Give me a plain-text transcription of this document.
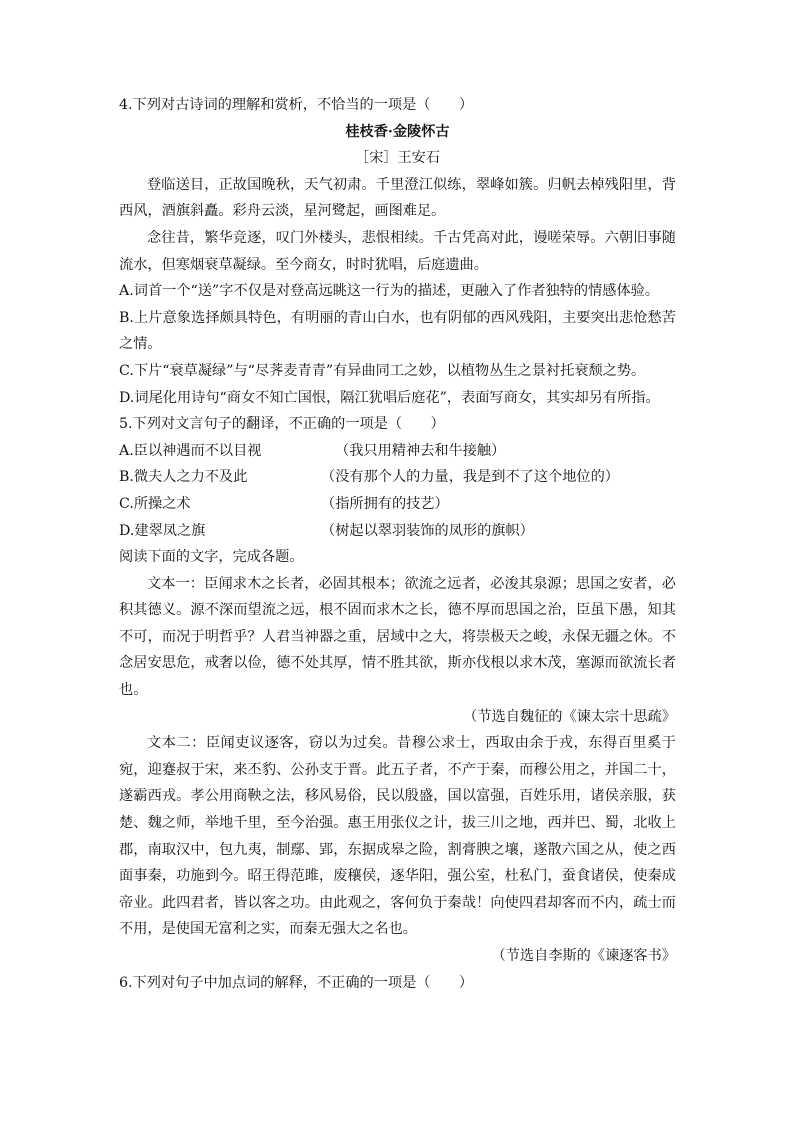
4.下列对古诗词的理解和赏析，不恰当的一项是（　　）
桂枝香·金陵怀古
［宋］王安石
登临送目，正故国晚秋，天气初肃。千里澄江似练，翠峰如簇。归帆去棹残阳里，背
西风，酒旗斜矗。彩舟云淡，星河鹭起，画图难足。
念往昔，繁华竞逐，叹门外楼头，悲恨相续。千古凭高对此，谩嗟荣辱。六朝旧事随
流水，但寒烟衰草凝绿。至今商女，时时犹唱，后庭遗曲。
A.词首一个“送”字不仅是对登高远眺这一行为的描述，更融入了作者独特的情感体验。
B.上片意象选择颇具特色，有明丽的青山白水，也有阴郁的西风残阳，主要突出悲怆愁苦
之情。
C.下片“衰草凝绿”与“尽荠麦青青”有异曲同工之妙，以植物丛生之景衬托衰颓之势。
D.词尾化用诗句“商女不知亡国恨，隔江犹唱后庭花”，表面写商女，其实却另有所指。
5.下列对文言句子的翻译，不正确的一项是（　　）
A.臣以神遇而不以目视	（我只用精神去和牛接触）
B.微夫人之力不及此	（没有那个人的力量，我是到不了这个地位的）
C.所操之术	（指所拥有的技艺）
D.建翠凤之旗	（树起以翠羽装饰的凤形的旗帜）
阅读下面的文字，完成各题。
文本一：臣闻求木之长者，必固其根本；欲流之远者，必浚其泉源；思国之安者，必
积其德义。源不深而望流之远，根不固而求木之长，德不厚而思国之治，臣虽下愚，知其
不可，而况于明哲乎？人君当神器之重，居域中之大，将崇极天之峻，永保无疆之休。不
念居安思危，戒奢以俭，德不处其厚，情不胜其欲，斯亦伐根以求木茂，塞源而欲流长者
也。
（节选自魏征的《谏太宗十思疏》
文本二：臣闻吏议逐客，窃以为过矣。昔穆公求士，西取由余于戎，东得百里奚于
宛，迎蹇叔于宋，来丕豹、公孙支于晋。此五子者，不产于秦，而穆公用之，并国二十，
遂霸西戎。孝公用商鞅之法，移风易俗，民以殷盛，国以富强，百姓乐用，诸侯亲服，获
楚、魏之师，举地千里，至今治强。惠王用张仪之计，拔三川之地，西并巴、蜀，北收上
郡，南取汉中，包九夷，制鄢、郢，东据成皋之险，割膏腴之壤，遂散六国之从，使之西
面事秦，功施到今。昭王得范雎，废穰侯，逐华阳，强公室，杜私门，蚕食诸侯，使秦成
帝业。此四君者，皆以客之功。由此观之，客何负于秦哉！向使四君却客而不内，疏士而
不用，是使国无富利之实，而秦无强大之名也。
（节选自李斯的《谏逐客书》
6.下列对句子中加点词的解释，不正确的一项是（　　）
